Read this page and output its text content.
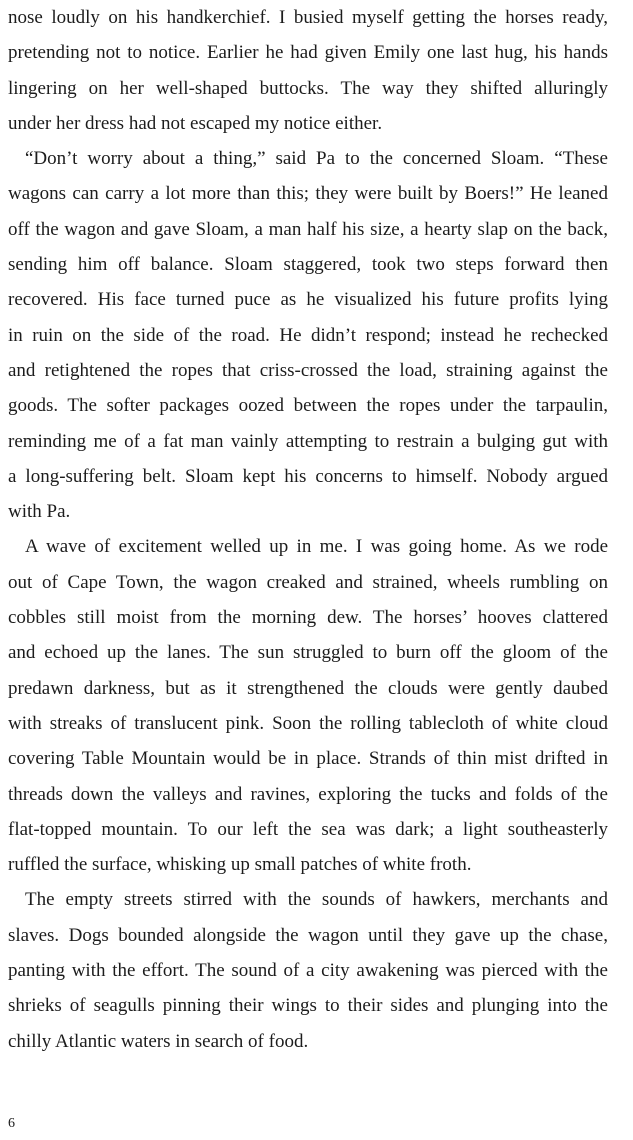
nose loudly on his handkerchief. I busied myself getting the horses ready,
pretending not to notice. Earlier he had given Emily one last hug, his hands
lingering on her well-shaped buttocks. The way they shifted alluringly
under her dress had not escaped my notice either.
“Don’t worry about a thing,” said Pa to the concerned Sloam. “These
wagons can carry a lot more than this; they were built by Boers!” He leaned
off the wagon and gave Sloam, a man half his size, a hearty slap on the back,
sending him off balance. Sloam staggered, took two steps forward then
recovered. His face turned puce as he visualized his future profits lying
in ruin on the side of the road. He didn’t respond; instead he rechecked
and retightened the ropes that criss-crossed the load, straining against the
goods. The softer packages oozed between the ropes under the tarpaulin,
reminding me of a fat man vainly attempting to restrain a bulging gut with
a long-suffering belt. Sloam kept his concerns to himself. Nobody argued
with Pa.
A wave of excitement welled up in me. I was going home. As we rode
out of Cape Town, the wagon creaked and strained, wheels rumbling on
cobbles still moist from the morning dew. The horses’ hooves clattered
and echoed up the lanes. The sun struggled to burn off the gloom of the
predawn darkness, but as it strengthened the clouds were gently daubed
with streaks of translucent pink. Soon the rolling tablecloth of white cloud
covering Table Mountain would be in place. Strands of thin mist drifted in
threads down the valleys and ravines, exploring the tucks and folds of the
flat-topped mountain. To our left the sea was dark; a light southeasterly
ruffled the surface, whisking up small patches of white froth.
The empty streets stirred with the sounds of hawkers, merchants and
slaves. Dogs bounded alongside the wagon until they gave up the chase,
panting with the effort. The sound of a city awakening was pierced with the
shrieks of seagulls pinning their wings to their sides and plunging into the
chilly Atlantic waters in search of food.
6
